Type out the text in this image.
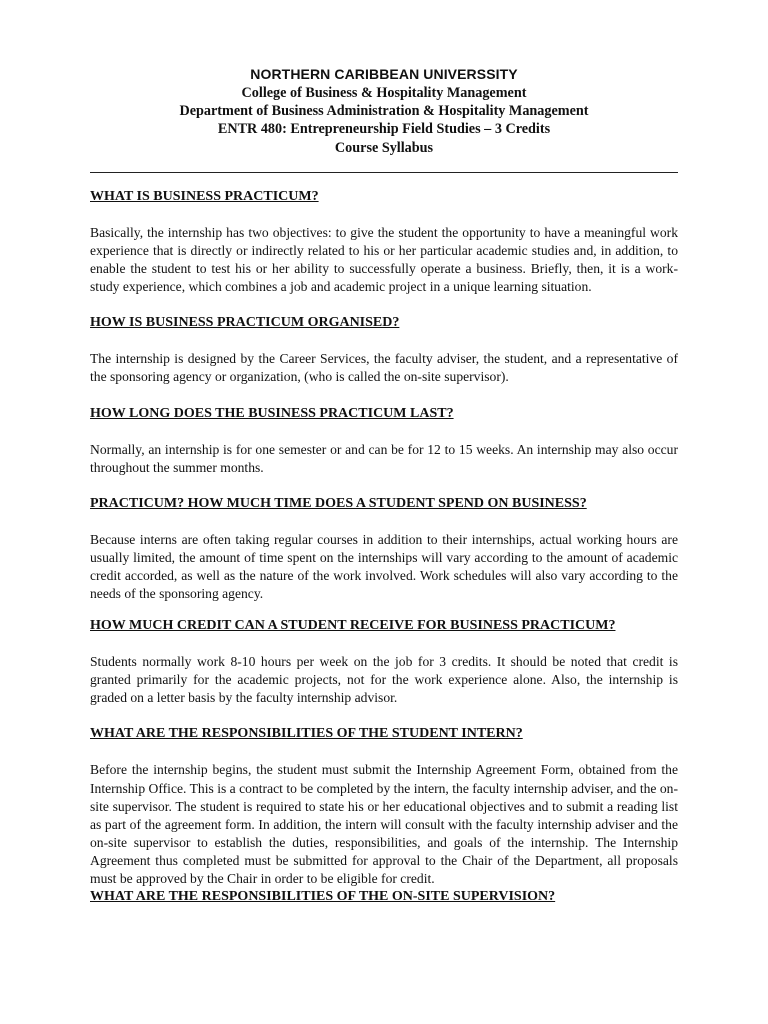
NORTHERN CARIBBEAN UNIVERSSITY

College of Business & Hospitality Management

Department of Business Administration & Hospitality Management

ENTR 480: Entrepreneurship Field Studies – 3 Credits

Course Syllabus

WHAT IS BUSINESS PRACTICUM?

Basically, the internship has two objectives: to give the student the opportunity to have a meaningful work experience that is directly or indirectly related to his or her particular academic studies and, in addition, to enable the student to test his or her ability to successfully operate a business. Briefly, then, it is a work-study experience, which combines a job and academic project in a unique learning situation.

HOW IS BUSINESS PRACTICUM ORGANISED?

The internship is designed by the Career Services, the faculty adviser, the student, and a representative of the sponsoring agency or organization, (who is called the on-site supervisor).

HOW LONG DOES THE BUSINESS PRACTICUM LAST?

Normally, an internship is for one semester or and can be for 12 to 15 weeks. An internship may also occur throughout the summer months.

PRACTICUM? HOW MUCH TIME DOES A STUDENT SPEND ON BUSINESS?

Because interns are often taking regular courses in addition to their internships, actual working hours are usually limited, the amount of time spent on the internships will vary according to the amount of academic credit accorded, as well as the nature of the work involved. Work schedules will also vary according to the needs of the sponsoring agency.

HOW MUCH CREDIT CAN A STUDENT RECEIVE FOR BUSINESS PRACTICUM?

Students normally work 8-10 hours per week on the job for 3 credits. It should be noted that credit is granted primarily for the academic projects, not for the work experience alone. Also, the internship is graded on a letter basis by the faculty internship advisor.

WHAT ARE THE RESPONSIBILITIES OF THE STUDENT INTERN?

Before the internship begins, the student must submit the Internship Agreement Form, obtained from the Internship Office. This is a contract to be completed by the intern, the faculty internship adviser, and the on-site supervisor. The student is required to state his or her educational objectives and to submit a reading list as part of the agreement form. In addition, the intern will consult with the faculty internship adviser and the on-site supervisor to establish the duties, responsibilities, and goals of the internship. The Internship Agreement thus completed must be submitted for approval to the Chair of the Department, all proposals must be approved by the Chair in order to be eligible for credit.

WHAT ARE THE RESPONSIBILITIES OF THE ON-SITE SUPERVISION?
